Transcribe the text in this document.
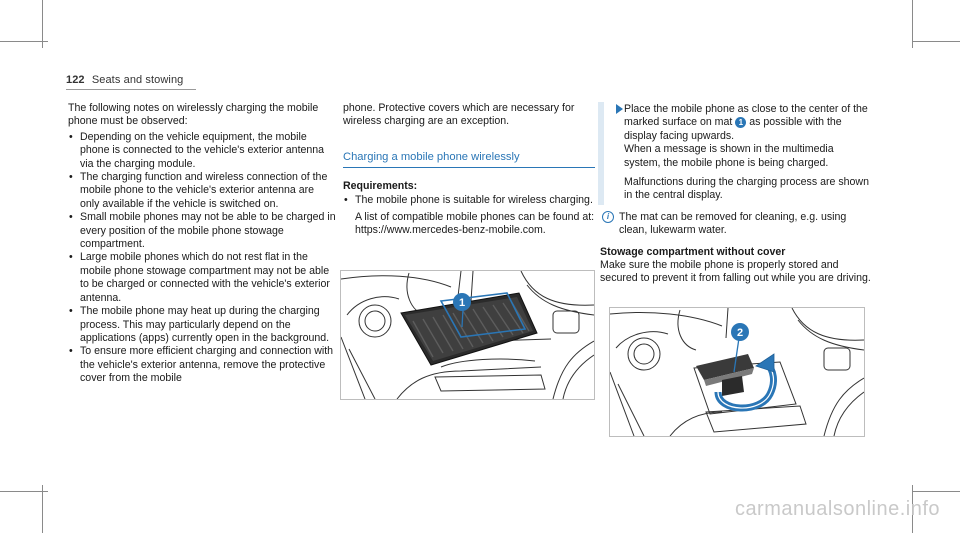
122 Seats and stowing

The following notes on wirelessly charging the mobile phone must be observed:

• Depending on the vehicle equipment, the mobile phone is connected to the vehicle's exterior antenna via the charging module.
• The charging function and wireless connection of the mobile phone to the vehicle's exterior antenna are only available if the vehicle is switched on.
• Small mobile phones may not be able to be charged in every position of the mobile phone stowage compartment.
• Large mobile phones which do not rest flat in the mobile phone stowage compartment may not be able to be charged or connected with the vehicle's exterior antenna.
• The mobile phone may heat up during the charging process. This may particularly depend on the applications (apps) currently open in the background.
• To ensure more efficient charging and connection with the vehicle's exterior antenna, remove the protective cover from the mobile

phone. Protective covers which are necessary for wireless charging are an exception.

Charging a mobile phone wirelessly

Requirements:

• The mobile phone is suitable for wireless charging.

A list of compatible mobile phones can be found at: https://www.mercedes-benz-mobile.com.

1

Place the mobile phone as close to the center of the marked surface on mat 1 as possible with the display facing upwards.

When a message is shown in the multimedia system, the mobile phone is being charged.

Malfunctions during the charging process are shown in the central display.

i The mat can be removed for cleaning, e.g. using clean, lukewarm water.

Stowage compartment without cover

Make sure the mobile phone is properly stored and secured to prevent it from falling out while you are driving.

2
carmanualsonline.info
